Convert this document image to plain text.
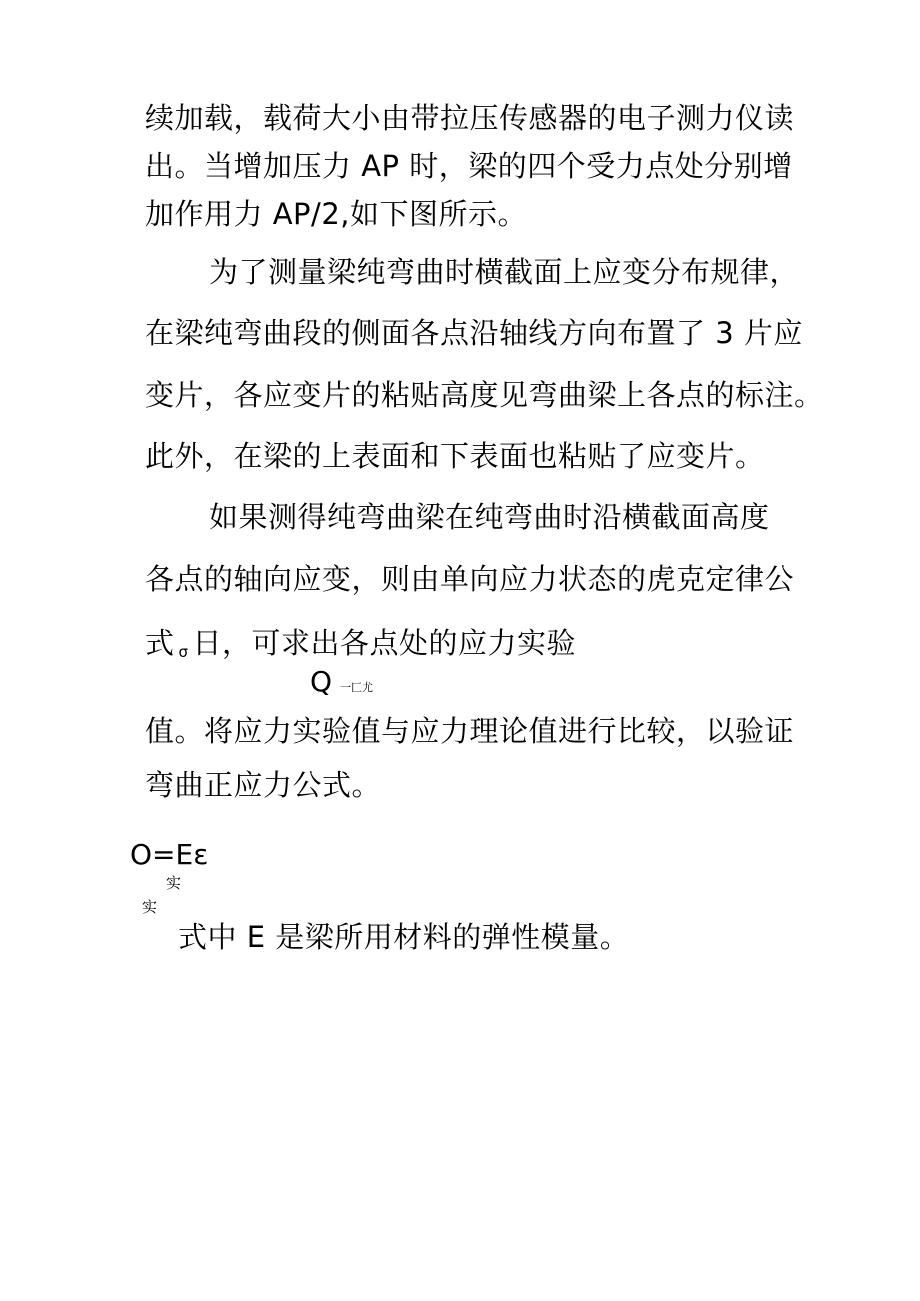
续加载，载荷大小由带拉压传感器的电子测力仪读
出。当增加压力 AP 时，梁的四个受力点处分别增
加作用力 AP/2,如下图所示。
为了测量梁纯弯曲时横截面上应变分布规律，
在梁纯弯曲段的侧面各点沿轴线方向布置了 3 片应
变片，各应变片的粘贴高度见弯曲梁上各点的标注。
此外，在梁的上表面和下表面也粘贴了应变片。
如果测得纯弯曲梁在纯弯曲时沿横截面高度
各点的轴向应变，则由单向应力状态的虎克定律公
式σ 日，可求出各点处的应力实验
Q 一匚尤
值。将应力实验值与应力理论值进行比较，以验证
弯曲正应力公式。
O=Eε
实
实
式中 E 是梁所用材料的弹性模量。
